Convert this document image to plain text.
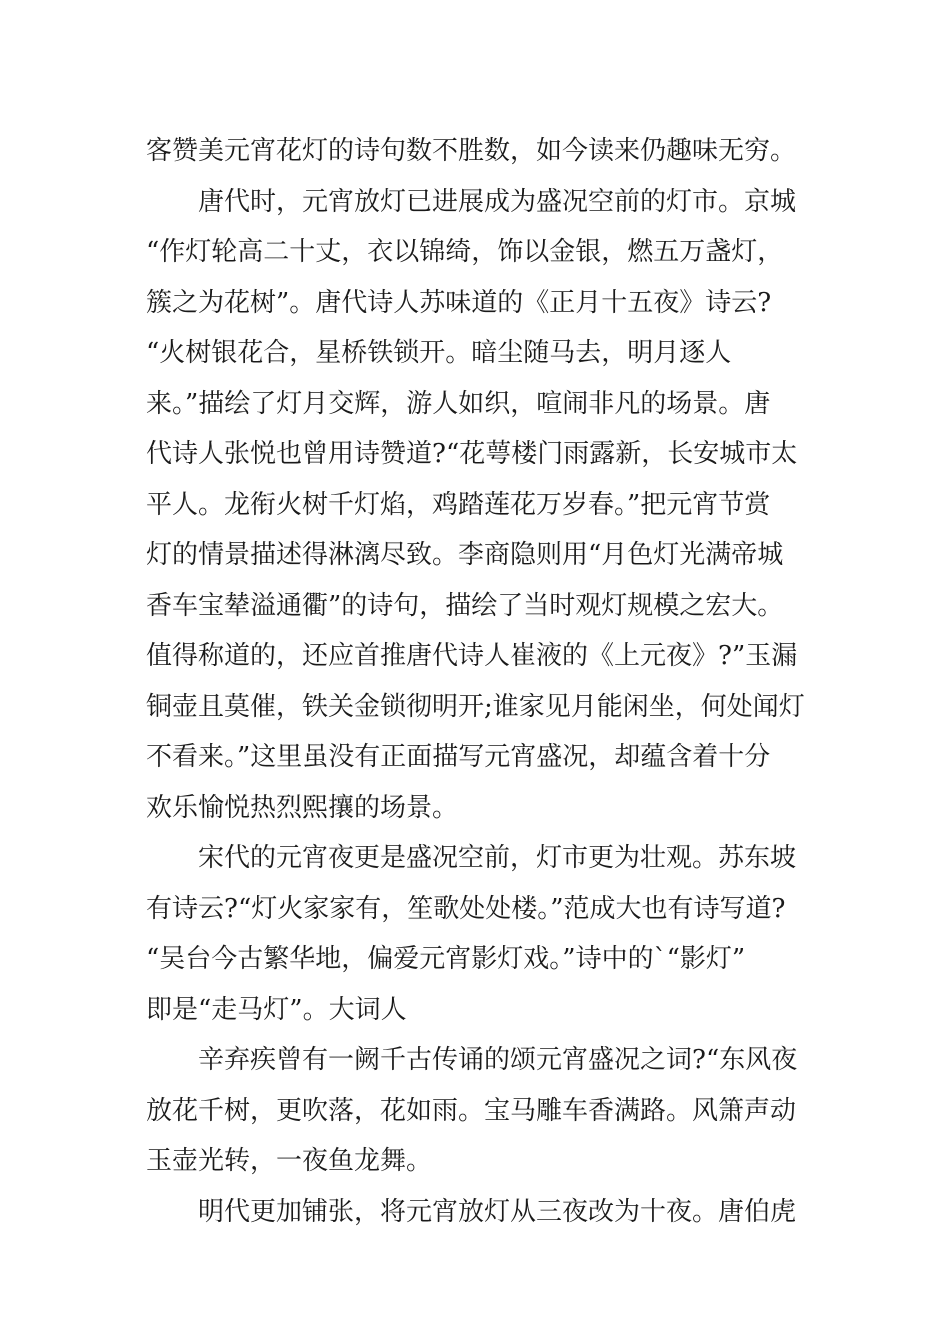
客赞美元宵花灯的诗句数不胜数，如今读来仍趣味无穷。
唐代时，元宵放灯已进展成为盛况空前的灯市。京城
“作灯轮高二十丈，衣以锦绮，饰以金银，燃五万盏灯，
簇之为花树”。唐代诗人苏味道的《正月十五夜》诗云?
“火树银花合，星桥铁锁开。暗尘随马去，明月逐人
来。”描绘了灯月交辉，游人如织，喧闹非凡的场景。唐
代诗人张悦也曾用诗赞道?“花萼楼门雨露新，长安城市太
平人。龙衔火树千灯焰，鸡踏莲花万岁春。”把元宵节赏
灯的情景描述得淋漓尽致。李商隐则用“月色灯光满帝城
香车宝辇溢通衢”的诗句，描绘了当时观灯规模之宏大。
值得称道的，还应首推唐代诗人崔液的《上元夜》?”玉漏
铜壶且莫催，铁关金锁彻明开;谁家见月能闲坐，何处闻灯
不看来。”这里虽没有正面描写元宵盛况，却蕴含着十分
欢乐愉悦热烈熙攘的场景。
宋代的元宵夜更是盛况空前，灯市更为壮观。苏东坡
有诗云?“灯火家家有，笙歌处处楼。”范成大也有诗写道?
“吴台今古繁华地，偏爱元宵影灯戏。”诗中的`“影灯”
即是“走马灯”。大词人
辛弃疾曾有一阙千古传诵的颂元宵盛况之词?“东风夜
放花千树，更吹落，花如雨。宝马雕车香满路。风箫声动
玉壶光转，一夜鱼龙舞。
明代更加铺张，将元宵放灯从三夜改为十夜。唐伯虎
